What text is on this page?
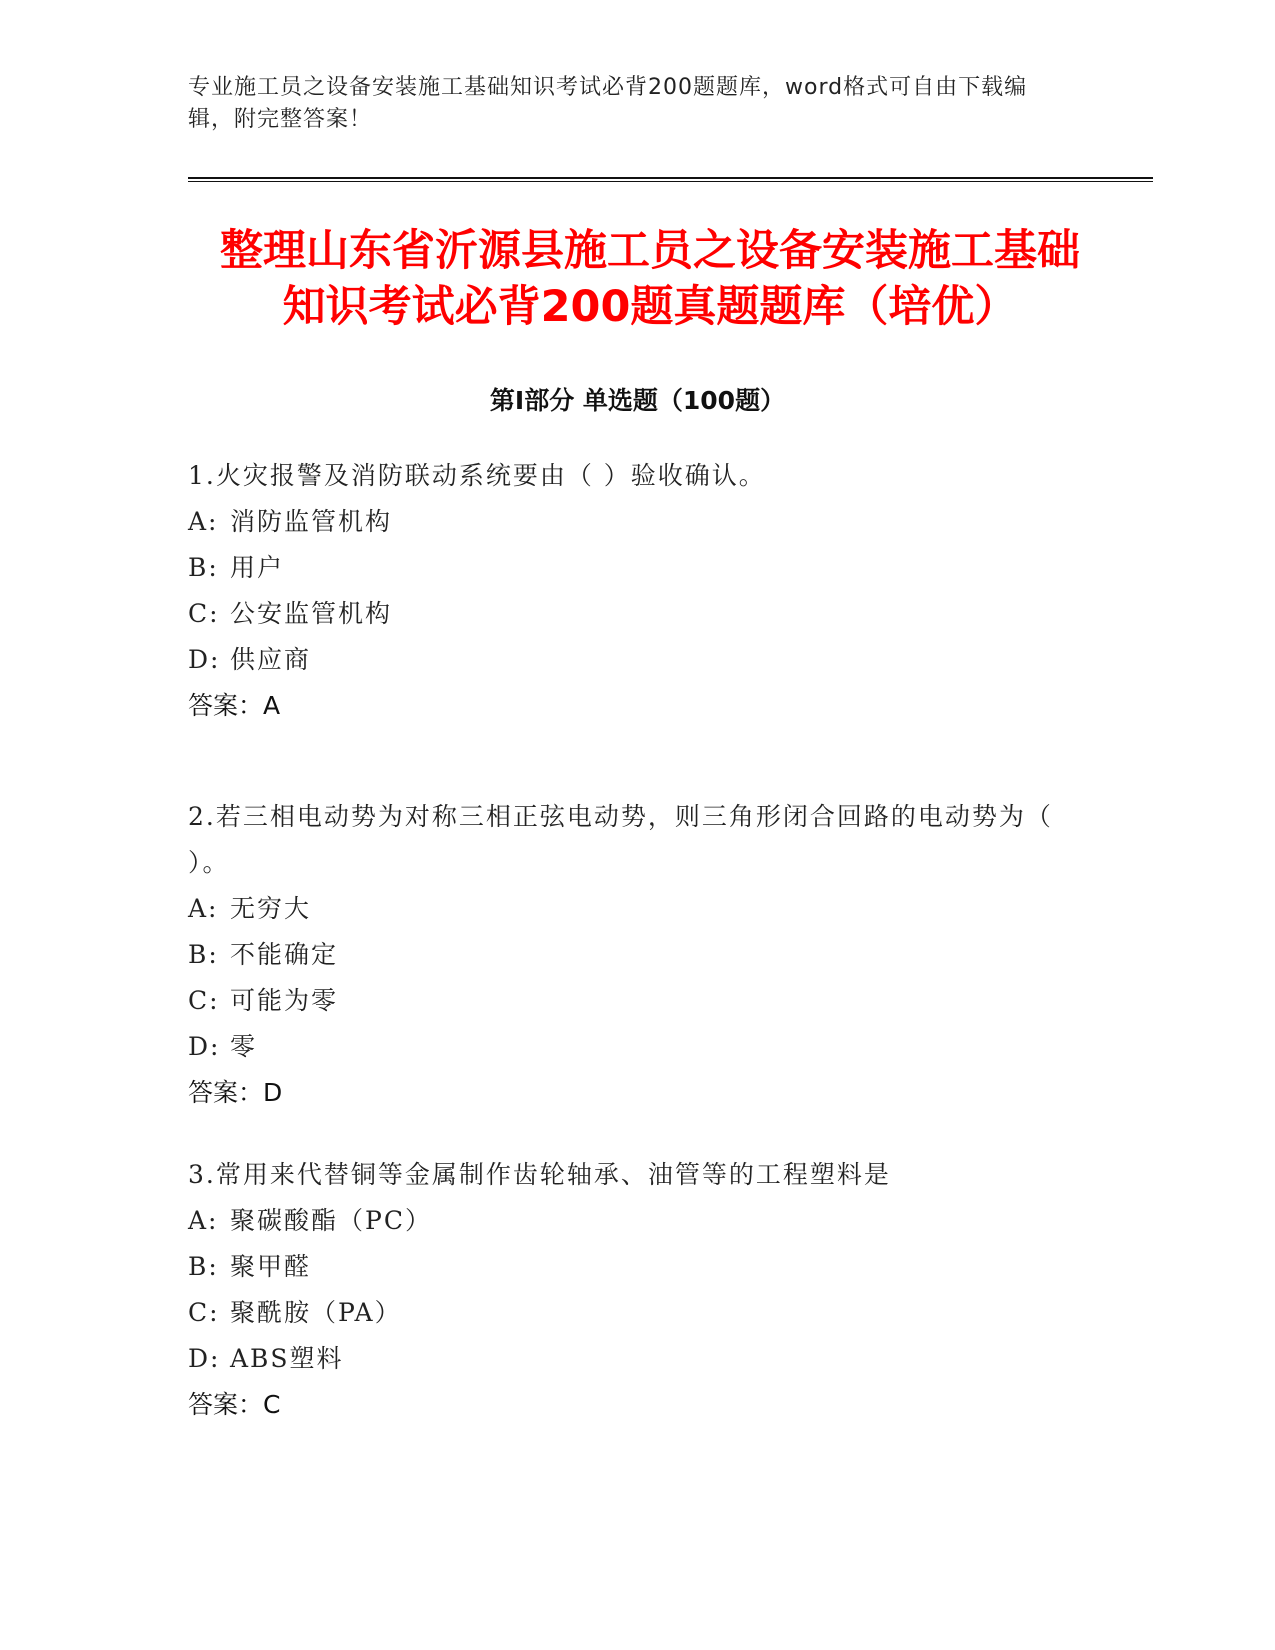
专业施工员之设备安装施工基础知识考试必背200题题库，word格式可自由下载编辑，附完整答案！
整理山东省沂源县施工员之设备安装施工基础知识考试必背200题真题题库（培优）
第Ⅰ部分 单选题（100题）

1.火灾报警及消防联动系统要由（ ）验收确认。

A: 消防监管机构

B: 用户

C: 公安监管机构

D: 供应商

答案：A

2.若三相电动势为对称三相正弦电动势，则三角形闭合回路的电动势为（ ）。

A: 无穷大

B: 不能确定

C: 可能为零

D: 零

答案：D

3.常用来代替铜等金属制作齿轮轴承、油管等的工程塑料是

A: 聚碳酸酯（PC）

B: 聚甲醛

C: 聚酰胺（PA）

D: ABS塑料

答案：C
